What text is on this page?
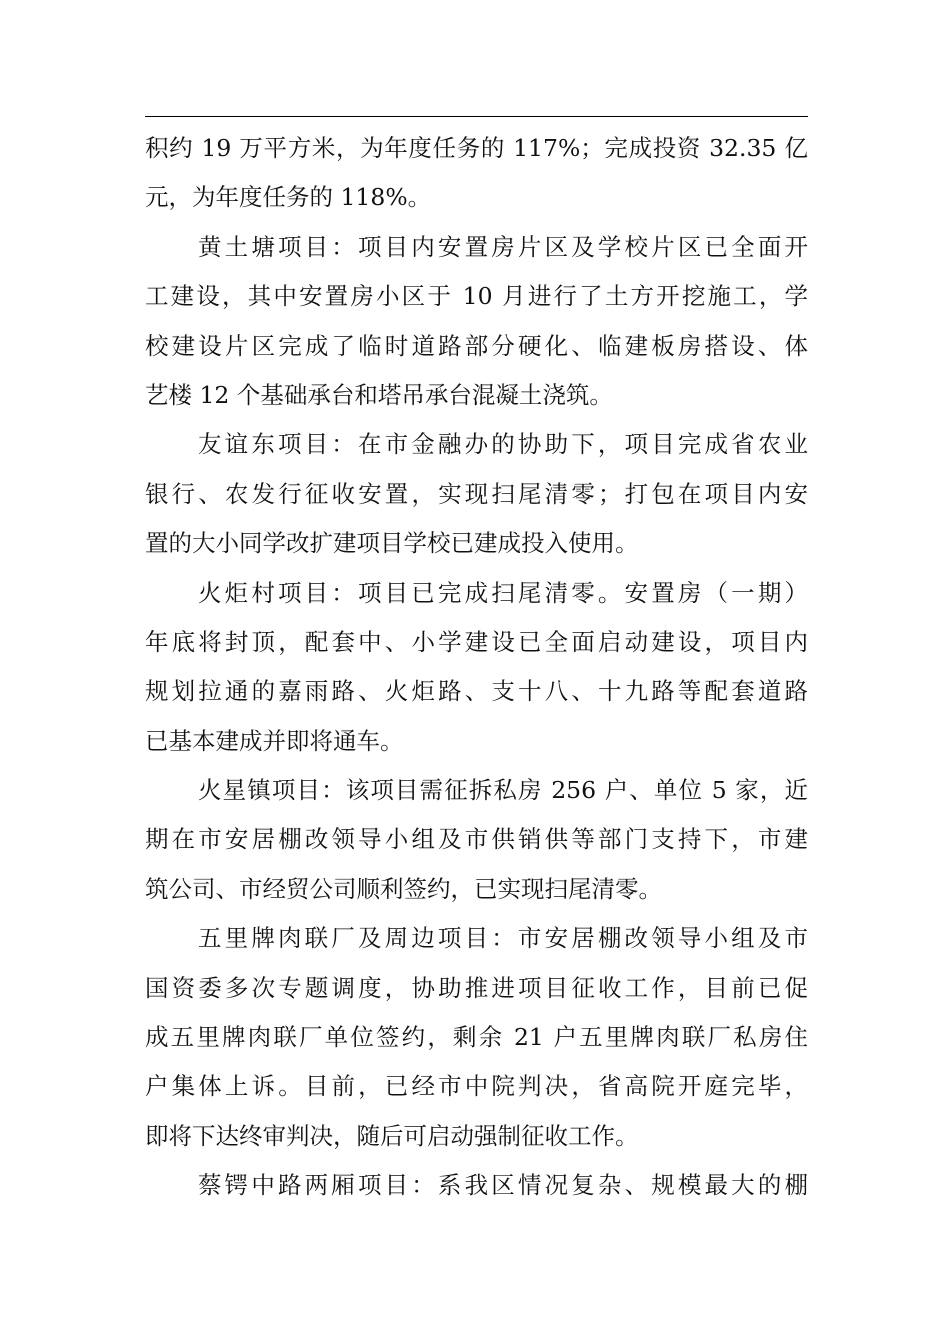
积约 19 万平方米，为年度任务的 117%；完成投资 32.35 亿
元，为年度任务的 118%。
黄土塘项目：项目内安置房片区及学校片区已全面开
工建设，其中安置房小区于 10 月进行了土方开挖施工，学
校建设片区完成了临时道路部分硬化、临建板房搭设、体
艺楼 12 个基础承台和塔吊承台混凝土浇筑。
友谊东项目：在市金融办的协助下，项目完成省农业
银行、农发行征收安置，实现扫尾清零；打包在项目内安
置的大小同学改扩建项目学校已建成投入使用。
火炬村项目：项目已完成扫尾清零。安置房（一期）
年底将封顶，配套中、小学建设已全面启动建设，项目内
规划拉通的嘉雨路、火炬路、支十八、十九路等配套道路
已基本建成并即将通车。
火星镇项目：该项目需征拆私房 256 户、单位 5 家，近
期在市安居棚改领导小组及市供销供等部门支持下，市建
筑公司、市经贸公司顺利签约，已实现扫尾清零。
五里牌肉联厂及周边项目：市安居棚改领导小组及市
国资委多次专题调度，协助推进项目征收工作，目前已促
成五里牌肉联厂单位签约，剩余 21 户五里牌肉联厂私房住
户集体上诉。目前，已经市中院判决，省高院开庭完毕，
即将下达终审判决，随后可启动强制征收工作。
蔡锷中路两厢项目：系我区情况复杂、规模最大的棚
